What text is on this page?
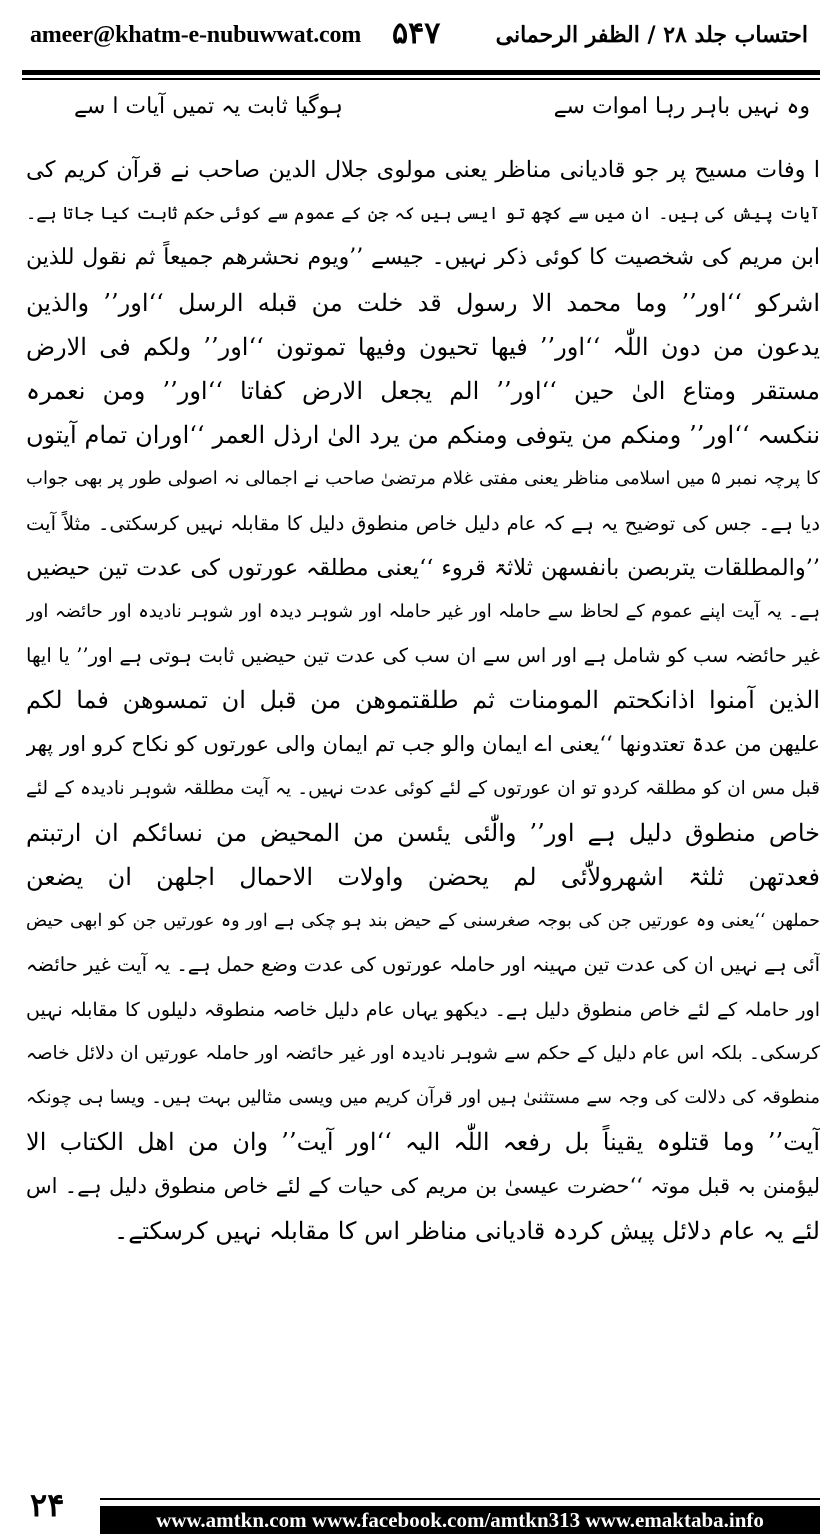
ameer@khatm-e-nubuwwat.com ۵۴۷	احتساب جلد ۲۸ / الظفر الرحمانی
وہ نہیں باہر رہا اموات سے
ہوگیا ثابت یہ تمیں آیات ا سے
ا وفات مسیح پر جو قادیانی مناظر یعنی مولوی جلال الدین صاحب نے قرآن کریم کی
آیات پیش کی ہیں۔ ان میں سے کچھ تو ایسی ہیں کہ جن کے عموم سے کوئی حکم ثابت کیا جاتا ہے۔
ابن مریم کی شخصیت کا کوئی ذکر نہیں۔ جیسے ’’ویوم نحشرھم جمیعاً ثم نقول للذین
اشرکو ‘‘اور’’ وما محمد الا رسول قد خلت من قبله الرسل ‘‘اور’’ والذین
یدعون من دون اللّٰہ ‘‘اور’’ فیھا تحیون وفیھا تموتون ‘‘اور’’ ولکم فی الارض
مستقر ومتاع الیٰ حین ‘‘اور’’ الم یجعل الارض کفاتا ‘‘اور’’ ومن نعمرہ
ننکسہ ‘‘اور’’ ومنکم من یتوفی ومنکم من یرد الیٰ ارذل العمر ‘‘اوران تمام آیتوں
کا پرچہ نمبر ۵ میں اسلامی مناظر یعنی مفتی غلام مرتضیٰ صاحب نے اجمالی نہ اصولی طور پر بھی جواب
دیا ہے۔ جس کی توضیح یہ ہے کہ عام دلیل خاص منطوق دلیل کا مقابلہ نہیں کرسکتی۔ مثلاً آیت
’’والمطلقات یتربصن بانفسھن ثلاثۃ قروء ‘‘یعنی مطلقہ عورتوں کی عدت تین حیضیں
ہے۔ یہ آیت اپنے عموم کے لحاظ سے حاملہ اور غیر حاملہ اور شوہر دیدہ اور شوہر نادیدہ اور حائضہ اور
غیر حائضہ سب کو شامل ہے اور اس سے ان سب کی عدت تین حیضیں ثابت ہوتی ہے اور’’ یا ایھا
الذین آمنوا اذانکحتم المومنات ثم طلقتموھن من قبل ان تمسوھن فما لکم
علیھن من عدۃ تعتدونھا ‘‘یعنی اے ایمان والو جب تم ایمان والی عورتوں کو نکاح کرو اور پھر
قبل مس ان کو مطلقہ کردو تو ان عورتوں کے لئے کوئی عدت نہیں۔ یہ آیت مطلقہ شوہر نادیدہ کے لئے
خاص منطوق دلیل ہے اور’’ والّٰئی یئسن من المحیض من نسائکم ان ارتبتم
فعدتھن ثلثۃ اشھرولاّٰئی لم یحضن واولات الاحمال اجلھن ان یضعن
حملھن ‘‘یعنی وہ عورتیں جن کی بوجہ صغرسنی کے حیض بند ہو چکی ہے اور وہ عورتیں جن کو ابھی حیض
آئی ہے نہیں ان کی عدت تین مہینہ اور حاملہ عورتوں کی عدت وضع حمل ہے۔ یہ آیت غیر حائضہ
اور حاملہ کے لئے خاص منطوق دلیل ہے۔ دیکھو یہاں عام دلیل خاصہ منطوقہ دلیلوں کا مقابلہ نہیں
کرسکی۔ بلکہ اس عام دلیل کے حکم سے شوہر نادیدہ اور غیر حائضہ اور حاملہ عورتیں ان دلائل خاصہ
منطوقہ کی دلالت کی وجہ سے مستثنیٰ ہیں اور قرآن کریم میں ویسی مثالیں بہت ہیں۔ ویسا ہی چونکہ
آیت’’ وما قتلوہ یقیناً بل رفعہ اللّٰہ الیہ ‘‘اور آیت’’ وان من اھل الکتاب الا
لیؤمنن بہ قبل موتہ ‘‘حضرت عیسیٰ بن مریم کی حیات کے لئے خاص منطوق دلیل ہے۔ اس
لئے یہ عام دلائل پیش کردہ قادیانی مناظر اس کا مقابلہ نہیں کرسکتے۔
۲۴	www.amtkn.com www.facebook.com/amtkn313 www.emaktaba.info
